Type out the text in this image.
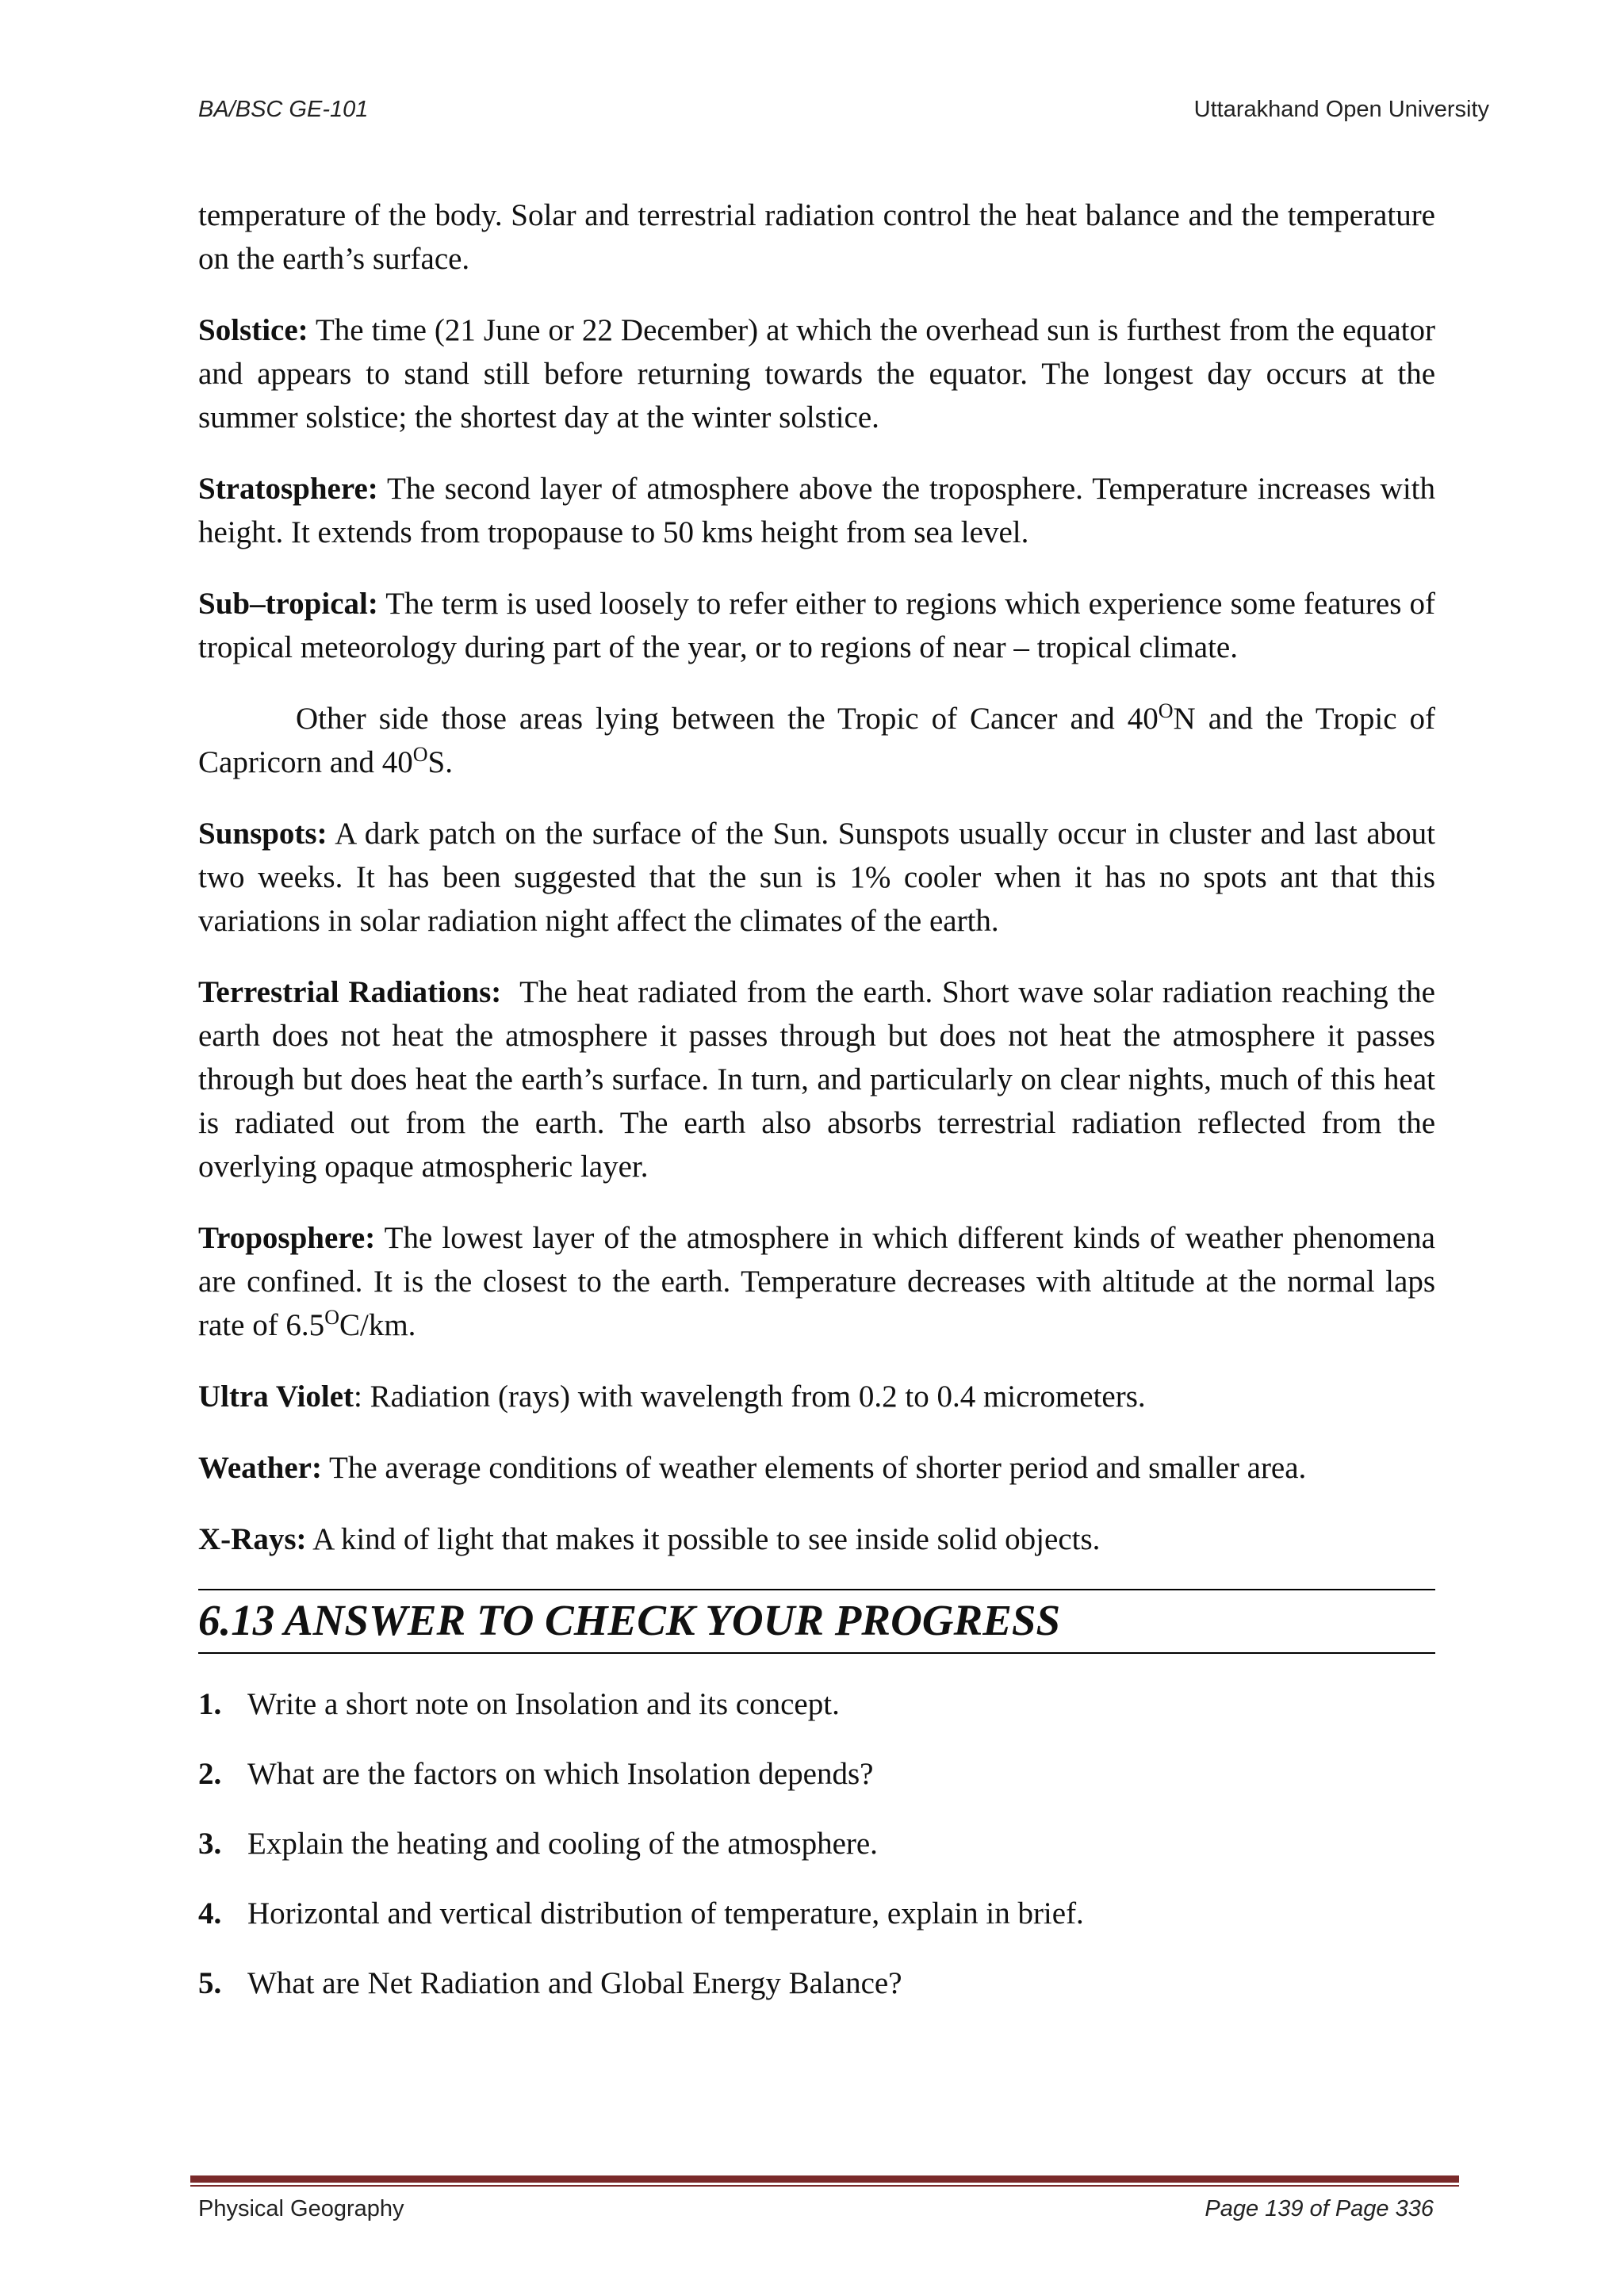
BA/BSC GE-101	Uttarakhand Open University

temperature of the body. Solar and terrestrial radiation control the heat balance and the temperature on the earth’s surface.

Solstice: The time (21 June or 22 December) at which the overhead sun is furthest from the equator and appears to stand still before returning towards the equator. The longest day occurs at the summer solstice; the shortest day at the winter solstice.

Stratosphere: The second layer of atmosphere above the troposphere. Temperature increases with height. It extends from tropopause to 50 kms height from sea level.

Sub–tropical: The term is used loosely to refer either to regions which experience some features of tropical meteorology during part of the year, or to regions of near – tropical climate.

Other side those areas lying between the Tropic of Cancer and $40^ON$ and the Tropic of Capricorn and $40^OS$.

Sunspots: A dark patch on the surface of the Sun. Sunspots usually occur in cluster and last about two weeks. It has been suggested that the sun is 1% cooler when it has no spots ant that this variations in solar radiation night affect the climates of the earth.

Terrestrial Radiations:  The heat radiated from the earth. Short wave solar radiation reaching the earth does not heat the atmosphere it passes through but does not heat the atmosphere it passes through but does heat the earth’s surface. In turn, and particularly on clear nights, much of this heat is radiated out from the earth. The earth also absorbs terrestrial radiation reflected from the overlying opaque atmospheric layer.

Troposphere: The lowest layer of the atmosphere in which different kinds of weather phenomena are confined. It is the closest to the earth. Temperature decreases with altitude at the normal laps rate of $6.5^OC/km$.

Ultra Violet: Radiation (rays) with wavelength from 0.2 to 0.4 micrometers.

Weather: The average conditions of weather elements of shorter period and smaller area.

X-Rays: A kind of light that makes it possible to see inside solid objects.

6.13 ANSWER TO CHECK YOUR PROGRESS
1. Write a short note on Insolation and its concept.
2. What are the factors on which Insolation depends?
3. Explain the heating and cooling of the atmosphere.
4. Horizontal and vertical distribution of temperature, explain in brief.
5. What are Net Radiation and Global Energy Balance?
Physical Geography	Page 139 of Page 336
